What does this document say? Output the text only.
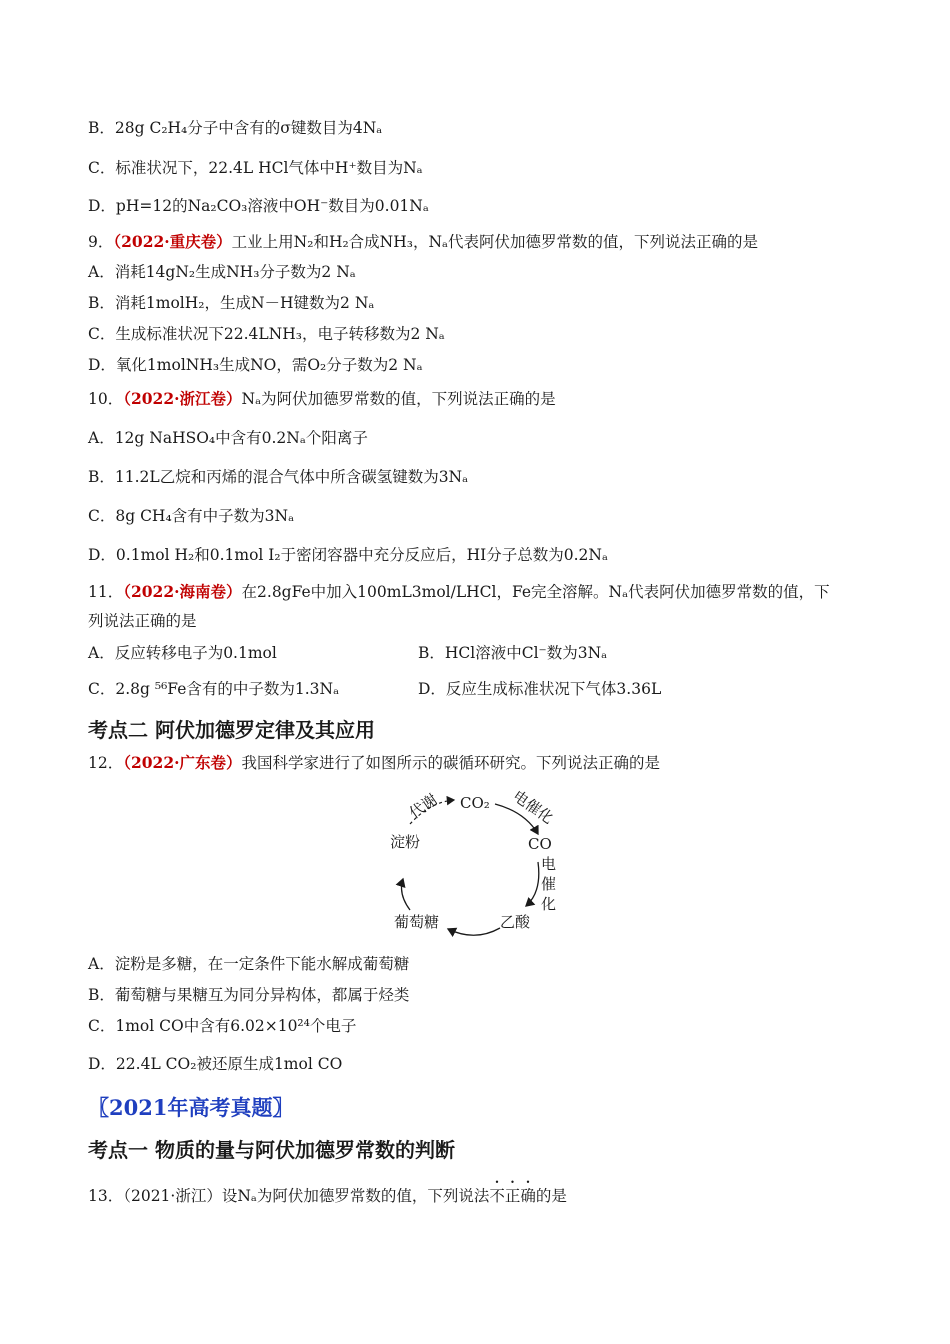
B．28g C₂H₄分子中含有的σ键数目为4Nₐ
C．标准状况下，22.4L HCl气体中H⁺数目为Nₐ
D．pH=12的Na₂CO₃溶液中OH⁻数目为0.01Nₐ
9．（2022·重庆卷）工业上用N₂和H₂合成NH₃，Nₐ代表阿伏加德罗常数的值，下列说法正确的是
A．消耗14gN₂生成NH₃分子数为2 Nₐ
B．消耗1molH₂，生成N－H键数为2 Nₐ
C．生成标准状况下22.4LNH₃，电子转移数为2 Nₐ
D．氧化1molNH₃生成NO，需O₂分子数为2 Nₐ
10．（2022·浙江卷）Nₐ为阿伏加德罗常数的值，下列说法正确的是
A．12g NaHSO₄中含有0.2Nₐ个阳离子
B．11.2L乙烷和丙烯的混合气体中所含碳氢键数为3Nₐ
C．8g CH₄含有中子数为3Nₐ
D．0.1mol H₂和0.1mol I₂于密闭容器中充分反应后，HI分子总数为0.2Nₐ
11．（2022·海南卷）在2.8gFe中加入100mL3mol/LHCl，Fe完全溶解。Nₐ代表阿伏加德罗常数的值，下
列说法正确的是
A．反应转移电子为0.1mol	B．HCl溶液中Cl⁻数为3Nₐ
C．2.8g ⁵⁶Fe含有的中子数为1.3Nₐ	D．反应生成标准状况下气体3.36L
考点二 阿伏加德罗定律及其应用
12．（2022·广东卷）我国科学家进行了如图所示的碳循环研究。下列说法正确的是
CO₂ 电催化
CO
电
催
化
乙酸
葡萄糖
淀粉
代谢
A．淀粉是多糖，在一定条件下能水解成葡萄糖
B．葡萄糖与果糖互为同分异构体，都属于烃类
C．1mol CO中含有6.02×10²⁴个电子
D．22.4L CO₂被还原生成1mol CO
〖2021年高考真题〗
考点一 物质的量与阿伏加德罗常数的判断
13．（2021·浙江）设Nₐ为阿伏加德罗常数的值，下列说法不正确的是
